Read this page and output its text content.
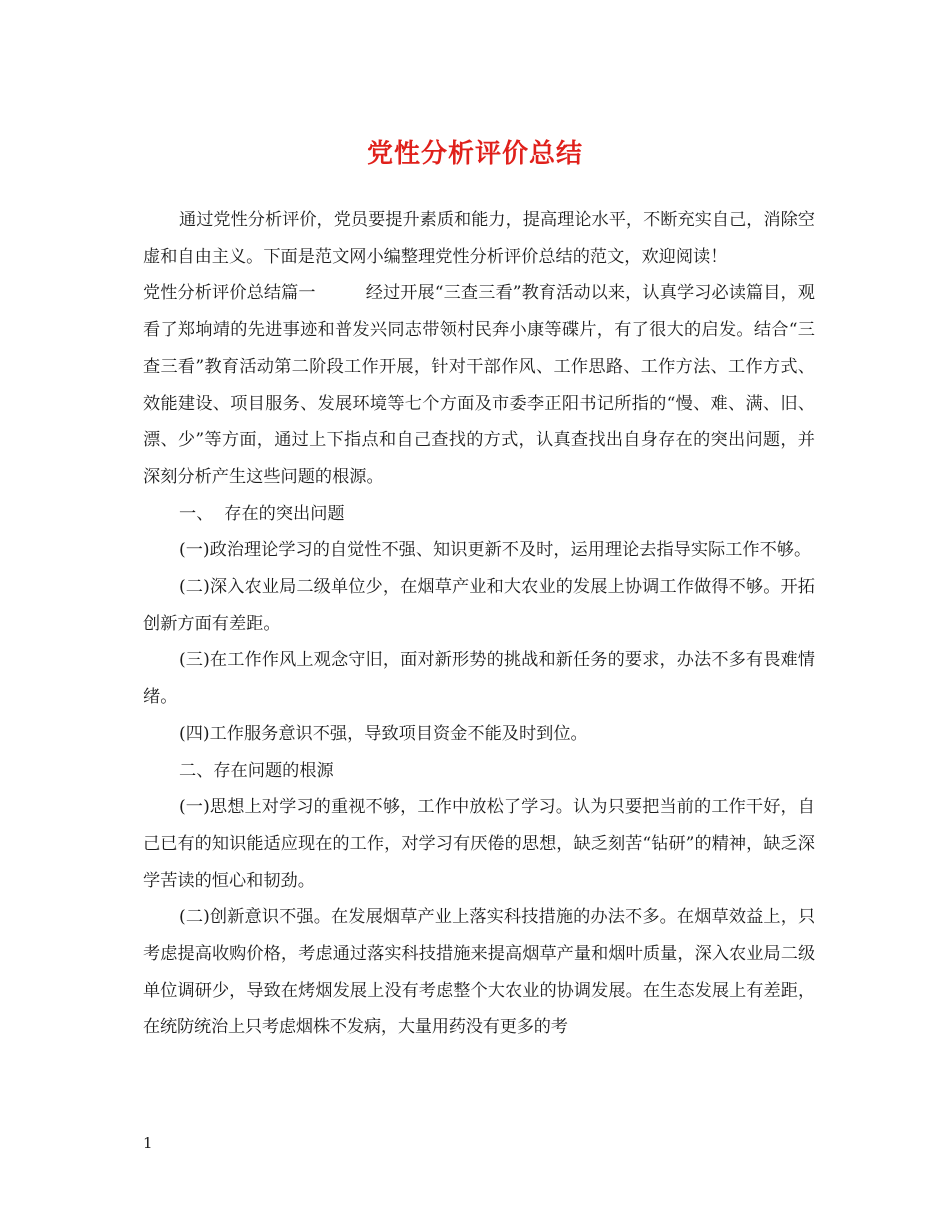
党性分析评价总结

通过党性分析评价，党员要提升素质和能力，提高理论水平，不断充实自己，消除空虚和自由主义。下面是范文网小编整理党性分析评价总结的范文，欢迎阅读！

党性分析评价总结篇一	经过开展“三查三看”教育活动以来，认真学习必读篇目，观看了郑垧靖的先进事迹和普发兴同志带领村民奔小康等碟片，有了很大的启发。结合“三查三看”教育活动第二阶段工作开展，针对干部作风、工作思路、工作方法、工作方式、效能建设、项目服务、发展环境等七个方面及市委李正阳书记所指的“慢、难、满、旧、漂、少”等方面，通过上下指点和自己查找的方式，认真查找出自身存在的突出问题，并深刻分析产生这些问题的根源。

一、  存在的突出问题

(一)政治理论学习的自觉性不强、知识更新不及时，运用理论去指导实际工作不够。

(二)深入农业局二级单位少，在烟草产业和大农业的发展上协调工作做得不够。开拓创新方面有差距。

(三)在工作作风上观念守旧，面对新形势的挑战和新任务的要求，办法不多有畏难情绪。

(四)工作服务意识不强，导致项目资金不能及时到位。

二、存在问题的根源

(一)思想上对学习的重视不够，工作中放松了学习。认为只要把当前的工作干好，自己已有的知识能适应现在的工作，对学习有厌倦的思想，缺乏刻苦“钻研”的精神，缺乏深学苦读的恒心和韧劲。

(二)创新意识不强。在发展烟草产业上落实科技措施的办法不多。在烟草效益上，只考虑提高收购价格，考虑通过落实科技措施来提高烟草产量和烟叶质量，深入农业局二级单位调研少，导致在烤烟发展上没有考虑整个大农业的协调发展。在生态发展上有差距，在统防统治上只考虑烟株不发病，大量用药没有更多的考

1
